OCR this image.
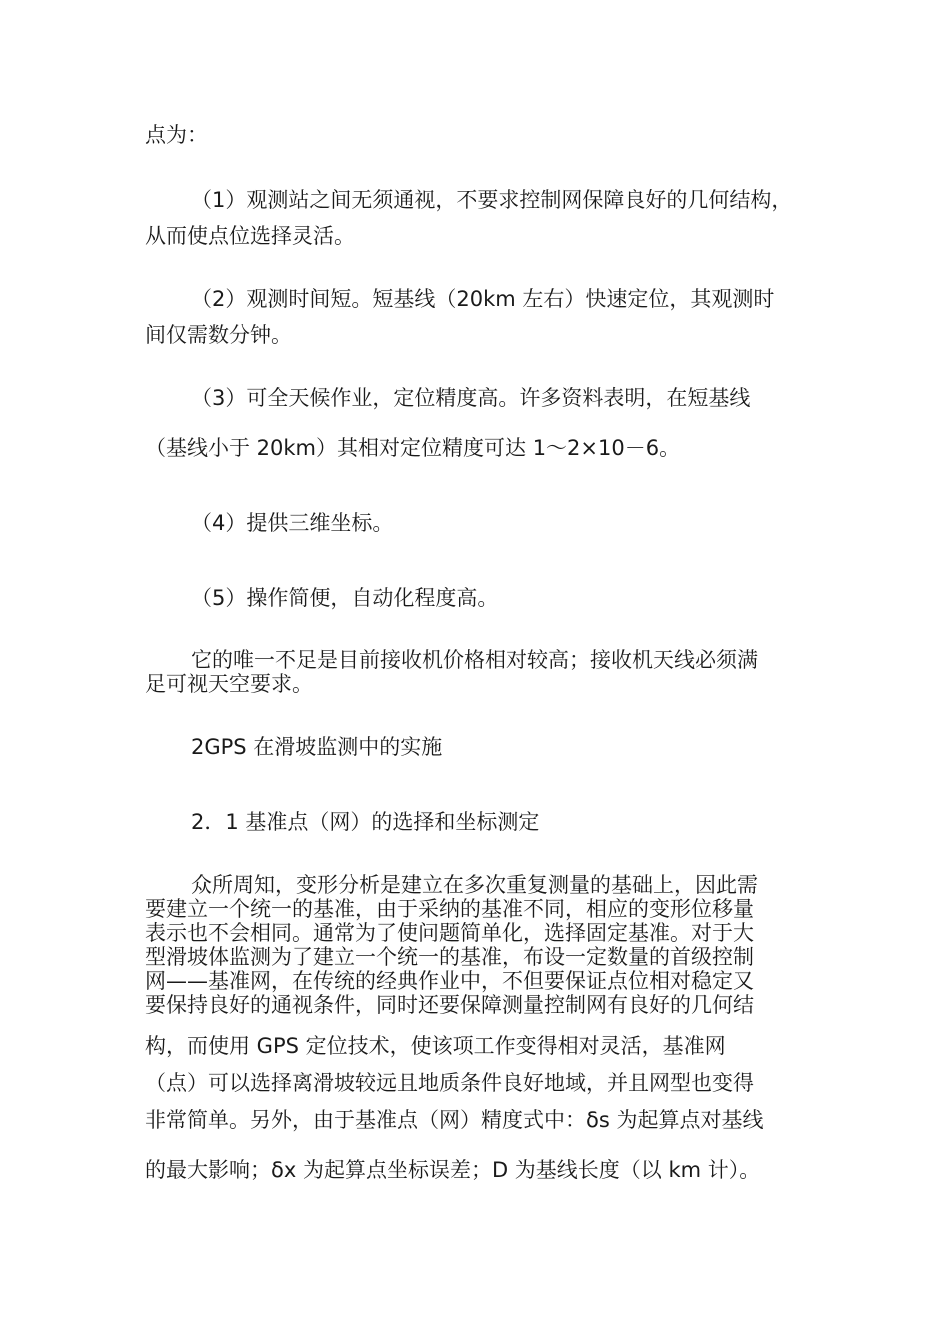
点为：

（1）观测站之间无须通视，不要求控制网保障良好的几何结构，
从而使点位选择灵活。

（2）观测时间短。短基线（20km 左右）快速定位，其观测时
间仅需数分钟。

（3）可全天候作业，定位精度高。许多资料表明，在短基线

（基线小于 20km）其相对定位精度可达 1～2×10－6。

（4）提供三维坐标。

（5）操作简便，自动化程度高。

它的唯一不足是目前接收机价格相对较高；接收机天线必须满
足可视天空要求。

2GPS 在滑坡监测中的实施

2．1 基准点（网）的选择和坐标测定

众所周知，变形分析是建立在多次重复测量的基础上，因此需
要建立一个统一的基准，由于采纳的基准不同，相应的变形位移量
表示也不会相同。通常为了使问题简单化，选择固定基准。对于大
型滑坡体监测为了建立一个统一的基准，布设一定数量的首级控制
网——基准网，在传统的经典作业中，不但要保证点位相对稳定又
要保持良好的通视条件，同时还要保障测量控制网有良好的几何结

构，而使用 GPS 定位技术，使该项工作变得相对灵活，基准网

（点）可以选择离滑坡较远且地质条件良好地域，并且网型也变得

非常简单。另外，由于基准点（网）精度式中：δs 为起算点对基线

的最大影响；δx 为起算点坐标误差；D 为基线长度（以 km 计）。
